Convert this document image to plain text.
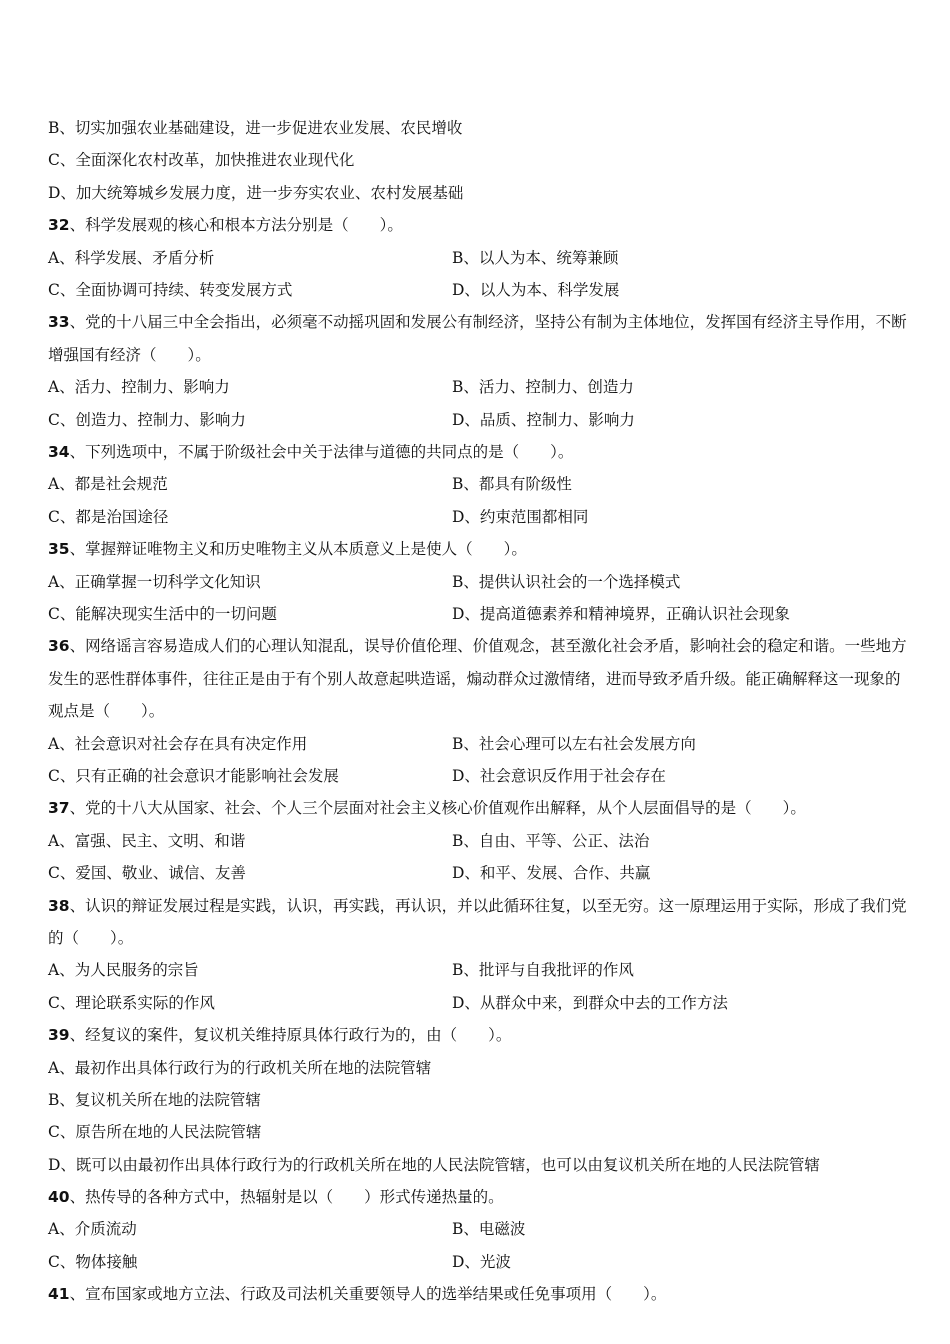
B、切实加强农业基础建设，进一步促进农业发展、农民增收
C、全面深化农村改革，加快推进农业现代化
D、加大统筹城乡发展力度，进一步夯实农业、农村发展基础
32、科学发展观的核心和根本方法分别是（　　）。
A、科学发展、矛盾分析	B、以人为本、统筹兼顾
C、全面协调可持续、转变发展方式	D、以人为本、科学发展
33、党的十八届三中全会指出，必须毫不动摇巩固和发展公有制经济，坚持公有制为主体地位，发挥国有经济主导作用，不断增强国有经济（　　）。
A、活力、控制力、影响力	B、活力、控制力、创造力
C、创造力、控制力、影响力	D、品质、控制力、影响力
34、下列选项中，不属于阶级社会中关于法律与道德的共同点的是（　　）。
A、都是社会规范	B、都具有阶级性
C、都是治国途径	D、约束范围都相同
35、掌握辩证唯物主义和历史唯物主义从本质意义上是使人（　　）。
A、正确掌握一切科学文化知识	B、提供认识社会的一个选择模式
C、能解决现实生活中的一切问题	D、提高道德素养和精神境界，正确认识社会现象
36、网络谣言容易造成人们的心理认知混乱，误导价值伦理、价值观念，甚至激化社会矛盾，影响社会的稳定和谐。一些地方发生的恶性群体事件，往往正是由于有个别人故意起哄造谣，煽动群众过激情绪，进而导致矛盾升级。能正确解释这一现象的观点是（　　）。
A、社会意识对社会存在具有决定作用	B、社会心理可以左右社会发展方向
C、只有正确的社会意识才能影响社会发展	D、社会意识反作用于社会存在
37、党的十八大从国家、社会、个人三个层面对社会主义核心价值观作出解释，从个人层面倡导的是（　　）。
A、富强、民主、文明、和谐	B、自由、平等、公正、法治
C、爱国、敬业、诚信、友善	D、和平、发展、合作、共赢
38、认识的辩证发展过程是实践，认识，再实践，再认识，并以此循环往复，以至无穷。这一原理运用于实际，形成了我们党的（　　）。
A、为人民服务的宗旨	B、批评与自我批评的作风
C、理论联系实际的作风	D、从群众中来，到群众中去的工作方法
39、经复议的案件，复议机关维持原具体行政行为的，由（　　）。
A、最初作出具体行政行为的行政机关所在地的法院管辖
B、复议机关所在地的法院管辖
C、原告所在地的人民法院管辖
D、既可以由最初作出具体行政行为的行政机关所在地的人民法院管辖，也可以由复议机关所在地的人民法院管辖
40、热传导的各种方式中，热辐射是以（　　）形式传递热量的。
A、介质流动	B、电磁波
C、物体接触	D、光波
41、宣布国家或地方立法、行政及司法机关重要领导人的选举结果或任免事项用（　　）。
